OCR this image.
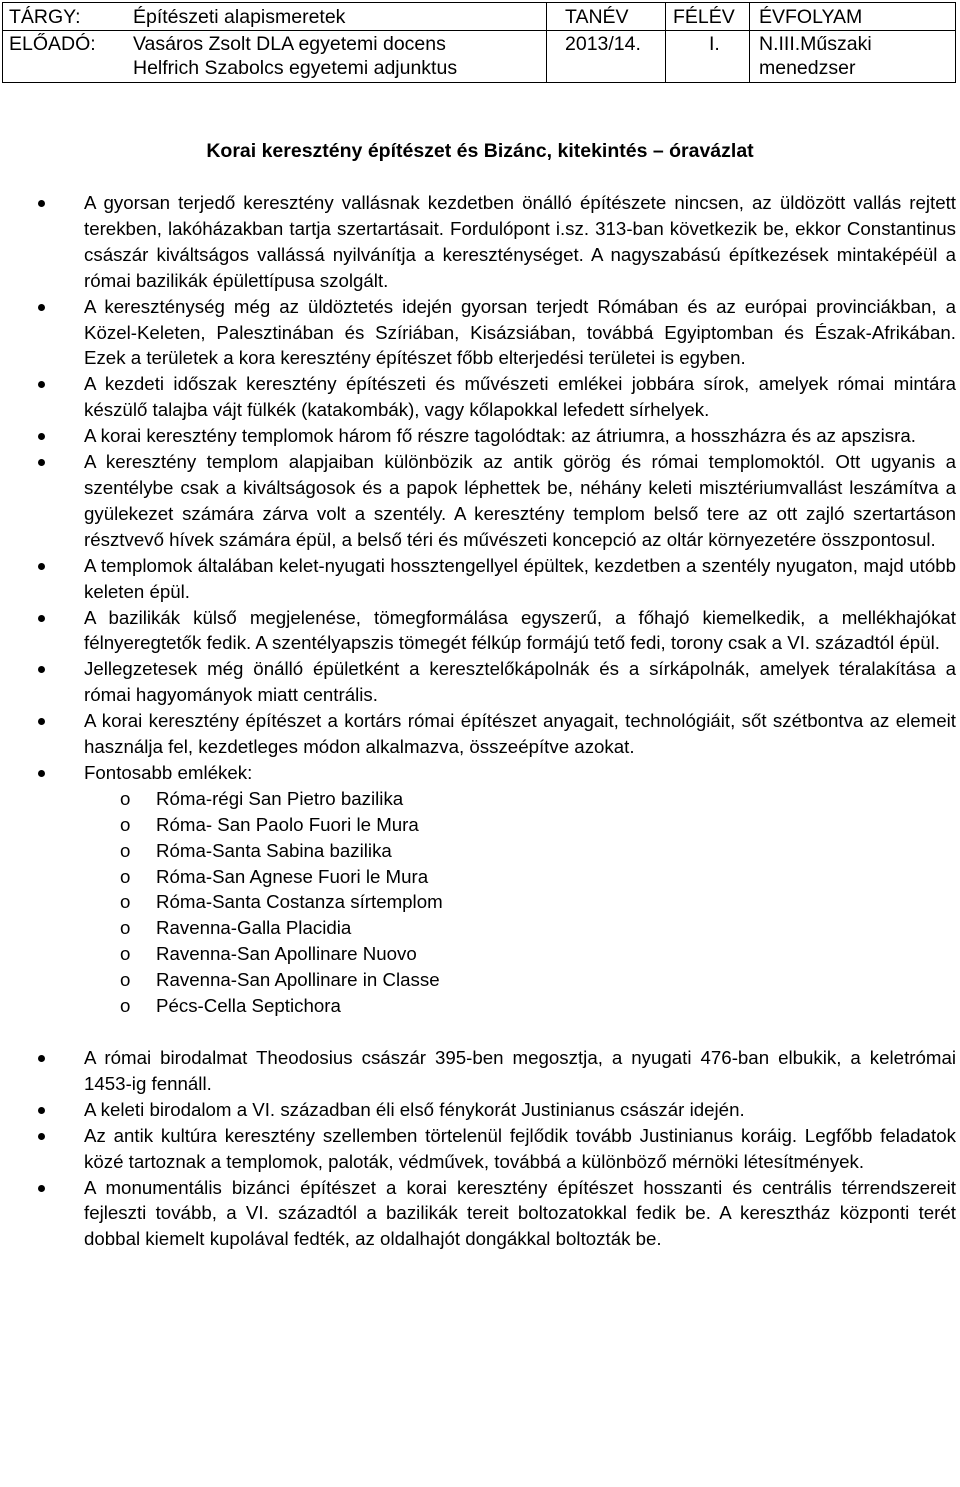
TÁRGY:	Építészeti alapismeretek
ELŐADÓ: Vasáros Zsolt DLA egyetemi docens
Helfrich Szabolcs egyetemi adjunktus
TANÉV
2013/14.
FÉLÉV
I.
ÉVFOLYAM
N.III.Műszaki
menedzser
Korai keresztény építészet és Bizánc, kitekintés – óravázlat

A gyorsan terjedő keresztény vallásnak kezdetben önálló építészete nincsen, az üldözött vallás rejtett terekben, lakóházakban tartja szertartásait. Fordulópont i.sz. 313-ban következik be, ekkor Constantinus császár kiváltságos vallássá nyilvánítja a kereszténységet. A nagyszabású építkezések mintaképéül a római bazilikák épülettípusa szolgált.

A kereszténység még az üldöztetés idején gyorsan terjedt Rómában és az európai provinciákban, a Közel-Keleten, Palesztinában és Szíriában, Kisázsiában, továbbá Egyiptomban és Észak-Afrikában. Ezek a területek a kora keresztény építészet főbb elterjedési területei is egyben.

A kezdeti időszak keresztény építészeti és művészeti emlékei jobbára sírok, amelyek római mintára készülő talajba vájt fülkék (katakombák), vagy kőlapokkal lefedett sírhelyek.

A korai keresztény templomok három fő részre tagolódtak: az átriumra, a hosszházra és az apszisra.

A keresztény templom alapjaiban különbözik az antik görög és római templomoktól. Ott ugyanis a szentélybe csak a kiváltságosok és a papok léphettek be, néhány keleti misztériumvallást leszámítva a gyülekezet számára zárva volt a szentély. A keresztény templom belső tere az ott zajló szertartáson résztvevő hívek számára épül, a belső téri és művészeti koncepció az oltár környezetére összpontosul.

A templomok általában kelet-nyugati hossztengellyel épültek, kezdetben a szentély nyugaton, majd utóbb keleten épül.

A bazilikák külső megjelenése, tömegformálása egyszerű, a főhajó kiemelkedik, a mellékhajókat félnyeregtetők fedik. A szentélyapszis tömegét félkúp formájú tető fedi, torony csak a VI. századtól épül.

Jellegzetesek még önálló épületként a keresztelőkápolnák és a sírkápolnák, amelyek téralakítása a római hagyományok miatt centrális.

A korai keresztény építészet a kortárs római építészet anyagait, technológiáit, sőt szétbontva az elemeit használja fel, kezdetleges módon alkalmazva, összeépítve azokat.

Fontosabb emlékek:

o Róma-régi San Pietro bazilika
o Róma- San Paolo Fuori le Mura
o Róma-Santa Sabina bazilika
o Róma-San Agnese Fuori le Mura
o Róma-Santa Costanza sírtemplom
o Ravenna-Galla Placidia
o Ravenna-San Apollinare Nuovo
o Ravenna-San Apollinare in Classe
o Pécs-Cella Septichora

A római birodalmat Theodosius császár 395-ben megosztja, a nyugati 476-ban elbukik, a keletrómai 1453-ig fennáll.

A keleti birodalom a VI. században éli első fénykorát Justinianus császár idején.

Az antik kultúra keresztény szellemben törtelenül fejlődik tovább Justinianus koráig. Legfőbb feladatok közé tartoznak a templomok, paloták, védművek, továbbá a különböző mérnöki létesítmények.

A monumentális bizánci építészet a korai keresztény építészet hosszanti és centrális térrendszereit fejleszti tovább, a VI. századtól a bazilikák tereit boltozatokkal fedik be. A keresztház központi terét dobbal kiemelt kupolával fedték, az oldalhajót dongákkal boltozták be.
